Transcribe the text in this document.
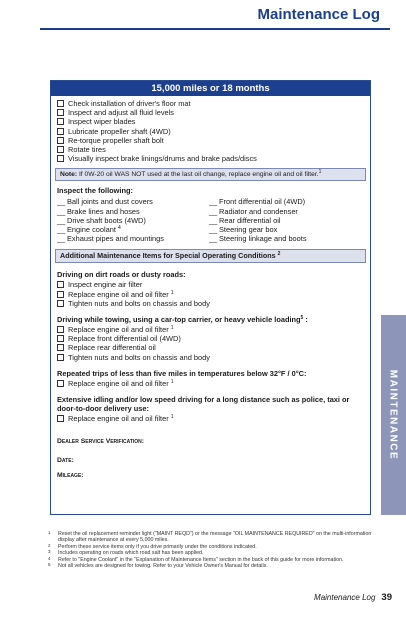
Maintenance Log
15,000 miles or 18 months
Check installation of driver's floor mat
Inspect and adjust all fluid levels
Inspect wiper blades
Lubricate propeller shaft (4WD)
Re-torque propeller shaft bolt
Rotate tires
Visually inspect brake linings/drums and brake pads/discs
Note: If 0W-20 oil WAS NOT used at the last oil change, replace engine oil and oil filter.$^1$
Inspect the following:
__ Ball joints and dust covers
__ Brake lines and hoses
__ Drive shaft boots (4WD)
__ Engine coolant $^4$
__ Exhaust pipes and mountings
__ Front differential oil (4WD)
__ Radiator and condenser
__ Rear differential oil
__ Steering gear box
__ Steering linkage and boots
Additional Maintenance Items for Special Operating Conditions $^2$
Driving on dirt roads or dusty roads:
Inspect engine air filter
Replace engine oil and oil filter $^1$
Tighten nuts and bolts on chassis and body
Driving while towing, using a car-top carrier, or heavy vehicle loading$^5$ :
Replace engine oil and oil filter $^1$
Replace front differential oil (4WD)
Replace rear differential oil
Tighten nuts and bolts on chassis and body
Repeated trips of less than five miles in temperatures below 32°F / 0°C:
Replace engine oil and oil filter $^1$
Extensive idling and/or low speed driving for a long distance such as police, taxi or door-to-door delivery use:
Replace engine oil and oil filter $^1$
Dealer Service Verification:
Date:
Mileage:
1 Reset the oil replacement reminder light ("MAINT REQD") or the message "OIL MAINTENANCE REQUIRED" on the multi-information display after maintenance at every 5,000 miles.
2 Perform these service items only if you drive primarily under the conditions indicated.
3 Includes operating on roads which road salt has been applied.
4 Refer to "Engine Coolant" in the "Explanation of Maintenance Items" section in the back of this guide for more information.
5 Not all vehicles are designed for towing. Refer to your Vehicle Owner's Manual for details.
Maintenance Log 39
MAINTENANCE
